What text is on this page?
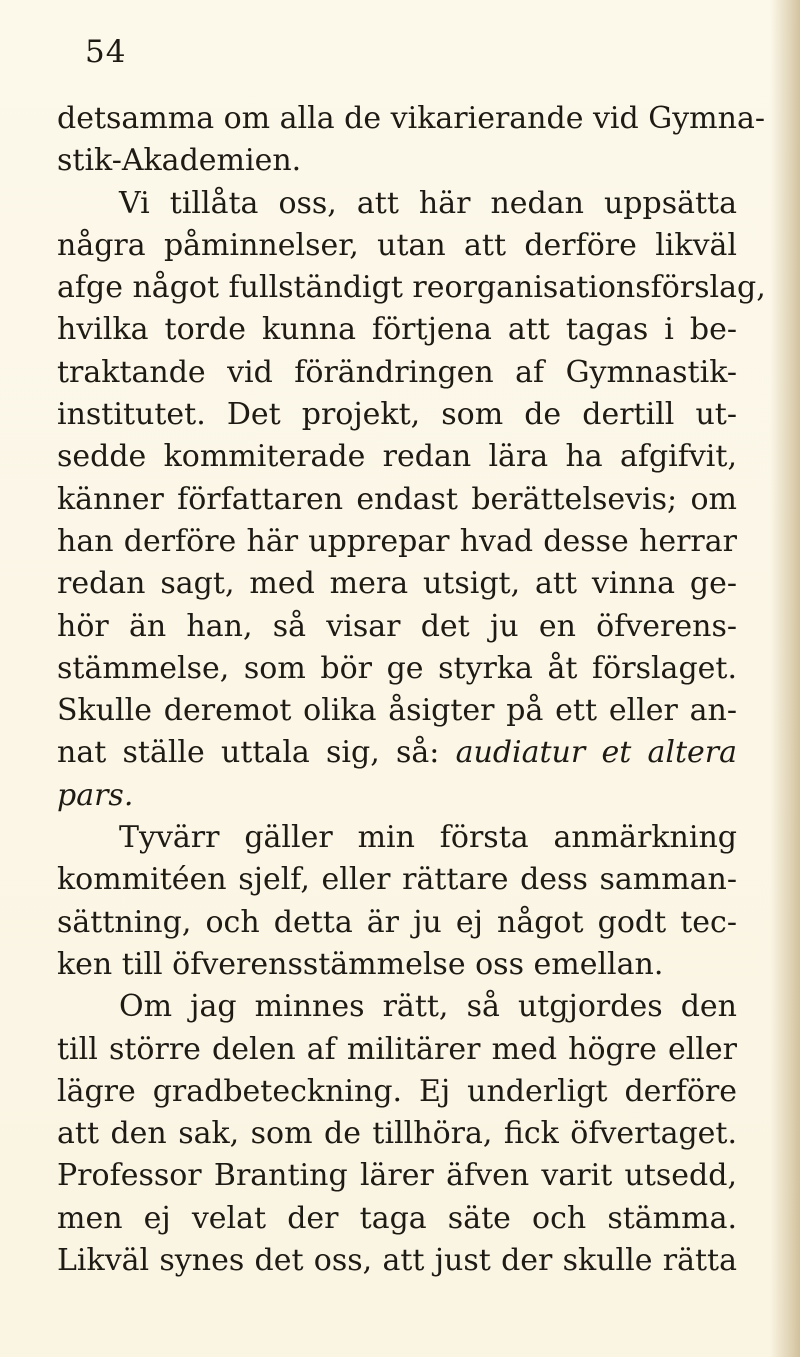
54
detsamma om alla de vikarierande vid Gymna-
stik-Akademien.
Vi tillåta oss, att här nedan uppsätta
några påminnelser, utan att derföre likväl
afge något fullständigt reorganisationsförslag,
hvilka torde kunna förtjena att tagas i be-
traktande vid förändringen af Gymnastik-
institutet. Det projekt, som de dertill ut-
sedde kommiterade redan lära ha afgifvit,
känner författaren endast berättelsevis; om
han derföre här upprepar hvad desse herrar
redan sagt, med mera utsigt, att vinna ge-
hör än han, så visar det ju en öfverens-
stämmelse, som bör ge styrka åt förslaget.
Skulle deremot olika åsigter på ett eller an-
nat ställe uttala sig, så: audiatur et altera
pars.
Tyvärr gäller min första anmärkning
kommitéen sjelf, eller rättare dess samman-
sättning, och detta är ju ej något godt tec-
ken till öfverensstämmelse oss emellan.
Om jag minnes rätt, så utgjordes den
till större delen af militärer med högre eller
lägre gradbeteckning. Ej underligt derföre
att den sak, som de tillhöra, fick öfvertaget.
Professor Branting lärer äfven varit utsedd,
men ej velat der taga säte och stämma.
Likväl synes det oss, att just der skulle rätta
